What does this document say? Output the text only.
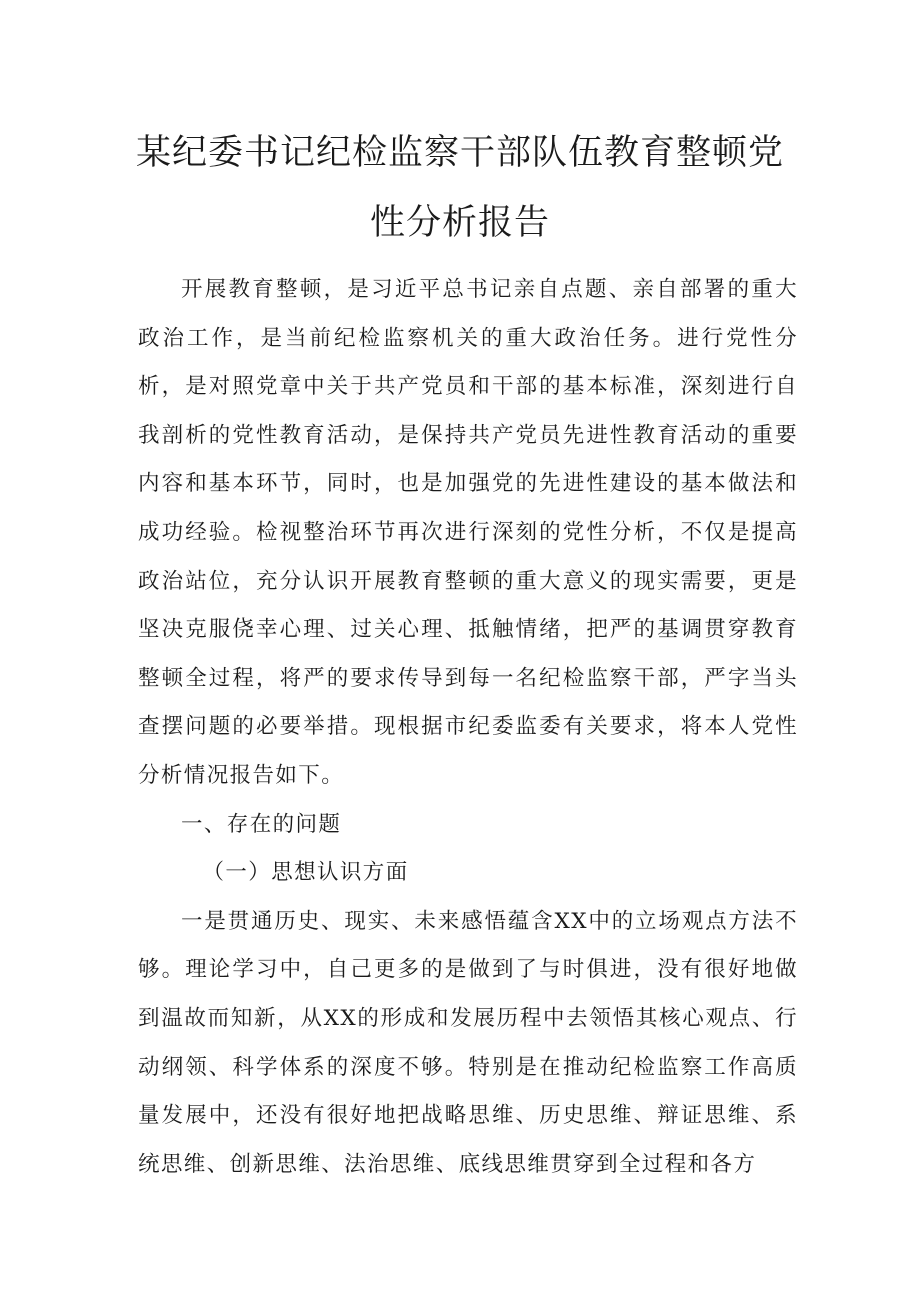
某纪委书记纪检监察干部队伍教育整顿党
性分析报告

开展教育整顿，是习近平总书记亲自点题、亲自部署的重大政治工作，是当前纪检监察机关的重大政治任务。进行党性分析，是对照党章中关于共产党员和干部的基本标准，深刻进行自我剖析的党性教育活动，是保持共产党员先进性教育活动的重要内容和基本环节，同时，也是加强党的先进性建设的基本做法和成功经验。检视整治环节再次进行深刻的党性分析，不仅是提高政治站位，充分认识开展教育整顿的重大意义的现实需要，更是坚决克服侥幸心理、过关心理、抵触情绪，把严的基调贯穿教育整顿全过程，将严的要求传导到每一名纪检监察干部，严字当头查摆问题的必要举措。现根据市纪委监委有关要求，将本人党性分析情况报告如下。

一、存在的问题

（一）思想认识方面

一是贯通历史、现实、未来感悟蕴含XX中的立场观点方法不够。理论学习中，自己更多的是做到了与时俱进，没有很好地做到温故而知新，从XX的形成和发展历程中去领悟其核心观点、行动纲领、科学体系的深度不够。特别是在推动纪检监察工作高质量发展中，还没有很好地把战略思维、历史思维、辩证思维、系统思维、创新思维、法治思维、底线思维贯穿到全过程和各方
